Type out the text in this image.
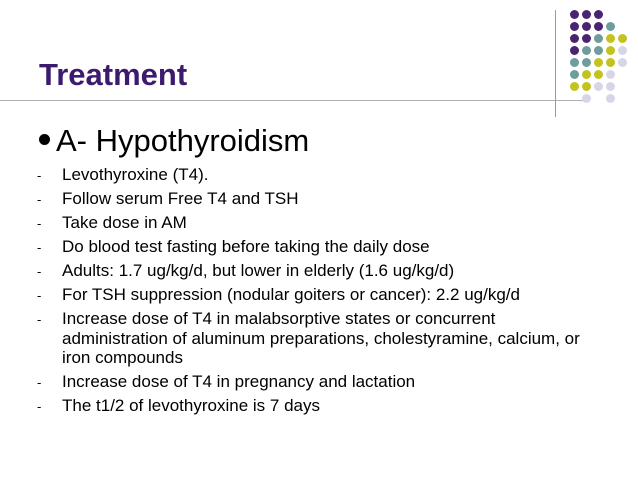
Treatment
A- Hypothyroidism
- Levothyroxine (T4).
- Follow serum Free T4 and TSH
- Take dose in AM
- Do blood test fasting before taking the daily dose
- Adults: 1.7 ug/kg/d, but lower in elderly (1.6 ug/kg/d)
- For TSH suppression (nodular goiters or cancer): 2.2 ug/kg/d
- Increase dose of T4 in malabsorptive states or concurrent administration of aluminum preparations, cholestyramine, calcium, or iron compounds
- Increase dose of T4 in pregnancy and lactation
- The t1/2 of levothyroxine is 7 days
